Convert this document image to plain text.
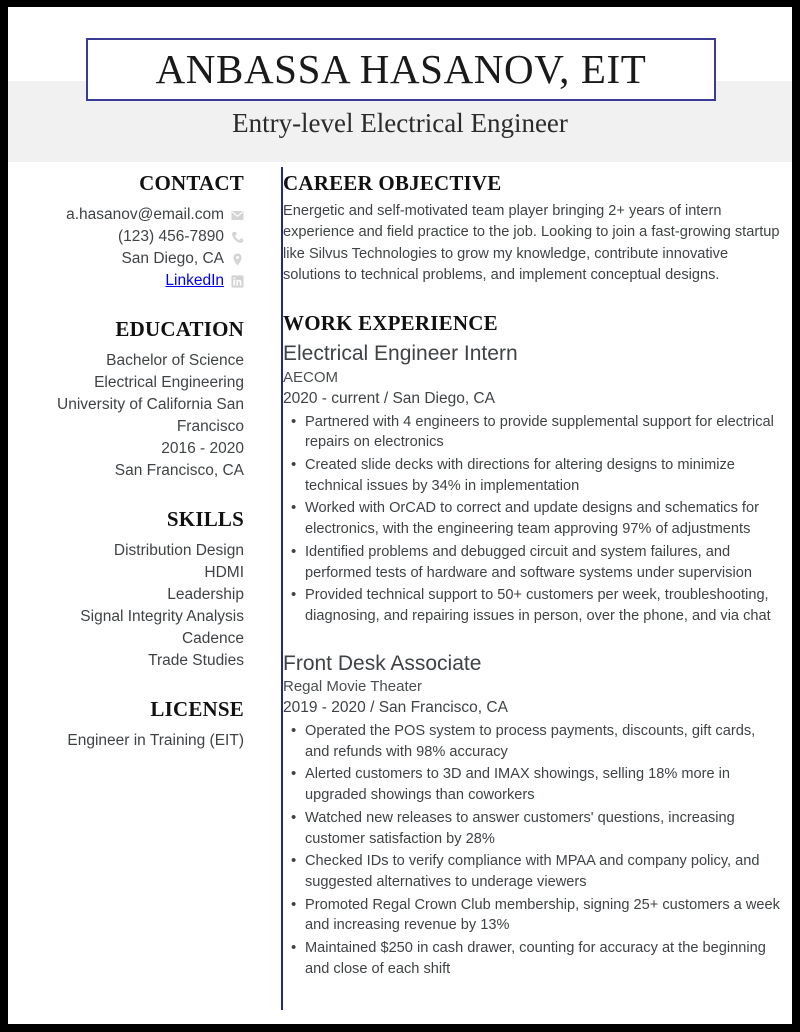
ANBASSA HASANOV, EIT
Entry-level Electrical Engineer
CONTACT
a.hasanov@email.com
(123) 456-7890
San Diego, CA
LinkedIn
EDUCATION
Bachelor of Science
Electrical Engineering
University of California San Francisco
2016 - 2020
San Francisco, CA
SKILLS
Distribution Design
HDMI
Leadership
Signal Integrity Analysis
Cadence
Trade Studies
LICENSE
Engineer in Training (EIT)
CAREER OBJECTIVE
Energetic and self-motivated team player bringing 2+ years of intern experience and field practice to the job. Looking to join a fast-growing startup like Silvus Technologies to grow my knowledge, contribute innovative solutions to technical problems, and implement conceptual designs.
WORK EXPERIENCE
Electrical Engineer Intern
AECOM
2020 - current / San Diego, CA
• Partnered with 4 engineers to provide supplemental support for electrical repairs on electronics
• Created slide decks with directions for altering designs to minimize technical issues by 34% in implementation
• Worked with OrCAD to correct and update designs and schematics for electronics, with the engineering team approving 97% of adjustments
• Identified problems and debugged circuit and system failures, and performed tests of hardware and software systems under supervision
• Provided technical support to 50+ customers per week, troubleshooting, diagnosing, and repairing issues in person, over the phone, and via chat
Front Desk Associate
Regal Movie Theater
2019 - 2020 / San Francisco, CA
• Operated the POS system to process payments, discounts, gift cards, and refunds with 98% accuracy
• Alerted customers to 3D and IMAX showings, selling 18% more in upgraded showings than coworkers
• Watched new releases to answer customers' questions, increasing customer satisfaction by 28%
• Checked IDs to verify compliance with MPAA and company policy, and suggested alternatives to underage viewers
• Promoted Regal Crown Club membership, signing 25+ customers a week and increasing revenue by 13%
• Maintained $250 in cash drawer, counting for accuracy at the beginning and close of each shift
